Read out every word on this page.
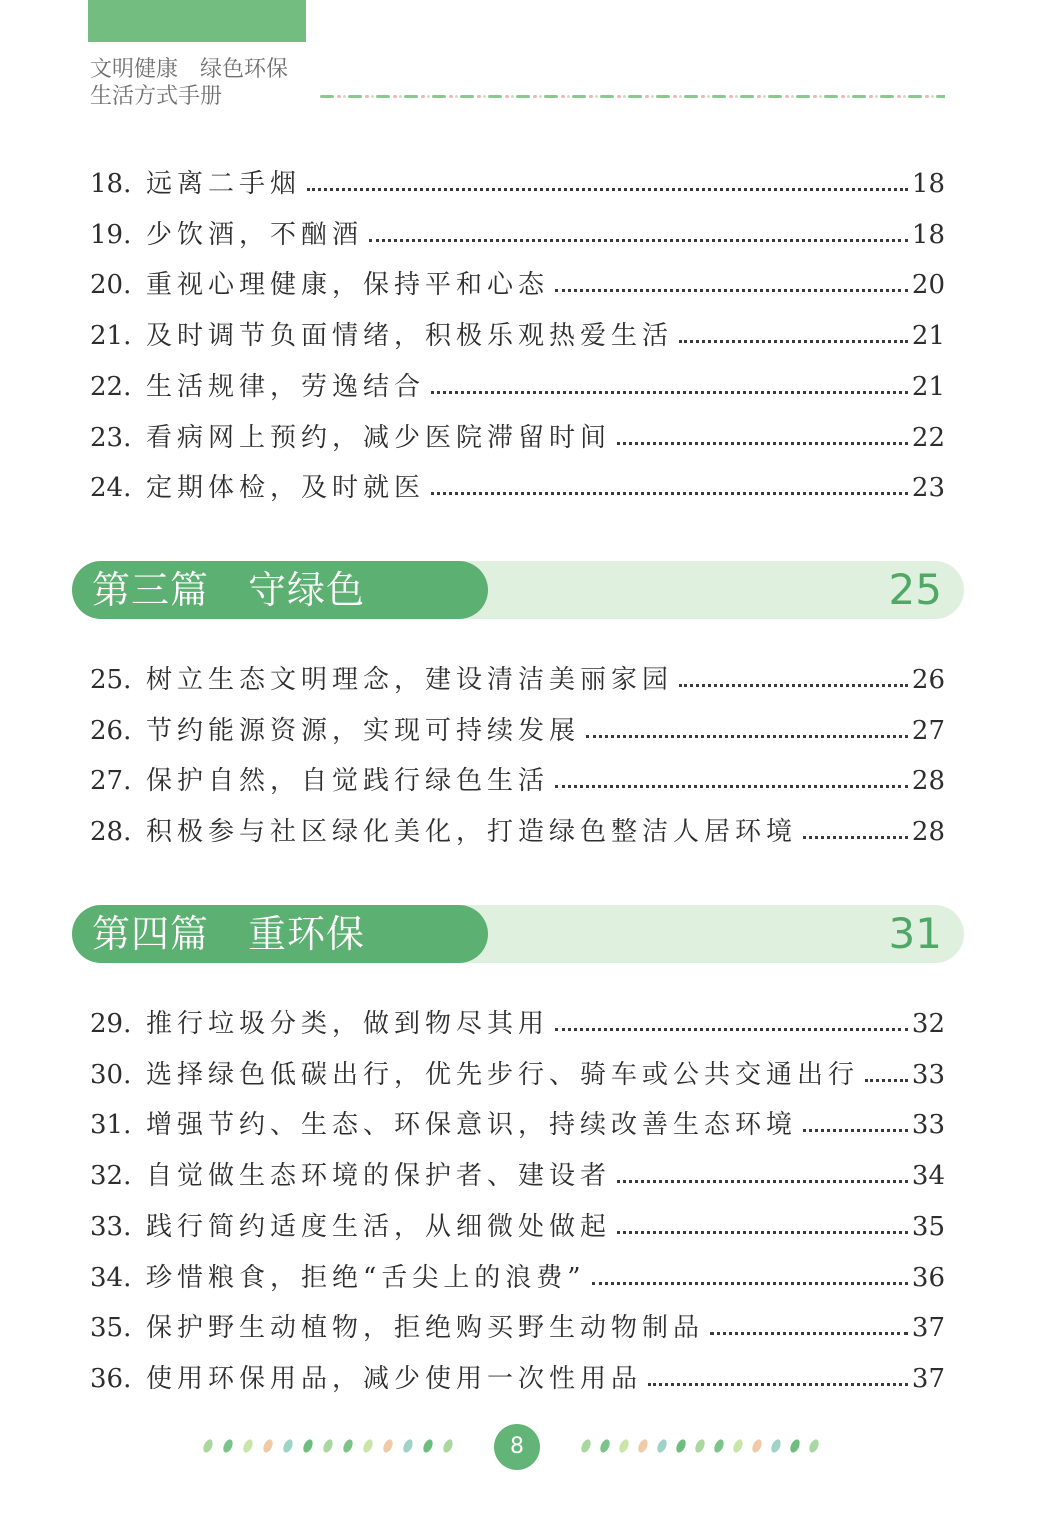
文明健康　绿色环保
生活方式手册
18. 远离二手烟	18
19. 少饮酒，不酗酒	18
20. 重视心理健康，保持平和心态	20
21. 及时调节负面情绪，积极乐观热爱生活	21
22. 生活规律，劳逸结合	21
23. 看病网上预约，减少医院滞留时间	22
24. 定期体检，及时就医	23
第三篇　守绿色	25
25. 树立生态文明理念，建设清洁美丽家园	26
26. 节约能源资源，实现可持续发展	27
27. 保护自然，自觉践行绿色生活	28
28. 积极参与社区绿化美化，打造绿色整洁人居环境	28
第四篇　重环保	31
29. 推行垃圾分类，做到物尽其用	32
30. 选择绿色低碳出行，优先步行、骑车或公共交通出行 33
31. 增强节约、生态、环保意识，持续改善生态环境	33
32. 自觉做生态环境的保护者、建设者	34
33. 践行简约适度生活，从细微处做起	35
34. 珍惜粮食，拒绝“舌尖上的浪费”	36
35. 保护野生动植物，拒绝购买野生动物制品	37
36. 使用环保用品，减少使用一次性用品	37
8
